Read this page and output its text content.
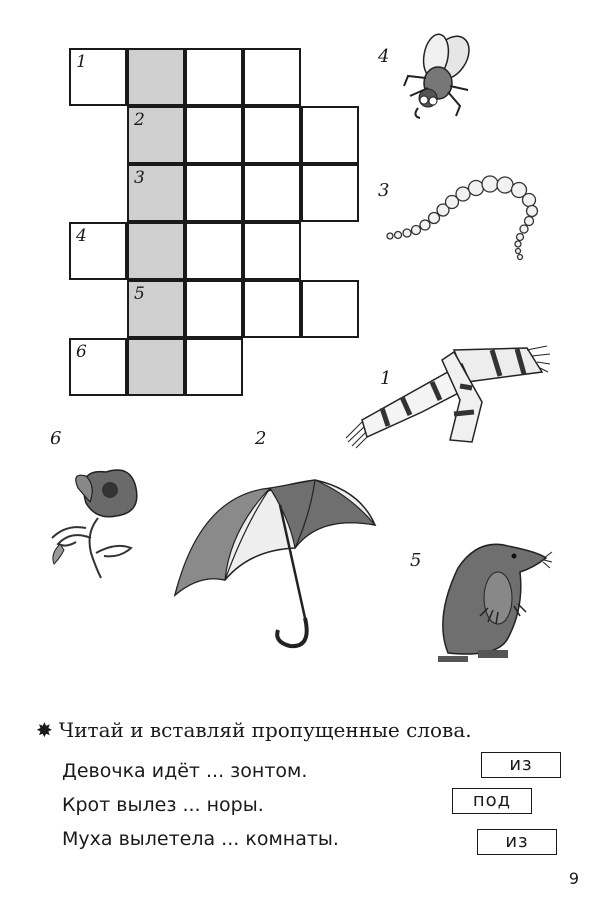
1
2
3
4
5
6
4
3
1
6	2
5
✸ Читай и вставляй пропущенные слова.
Девочка идёт ... зонтом.	из
Крот вылез ... норы.	под
Муха вылетела ... комнаты.	из
9
